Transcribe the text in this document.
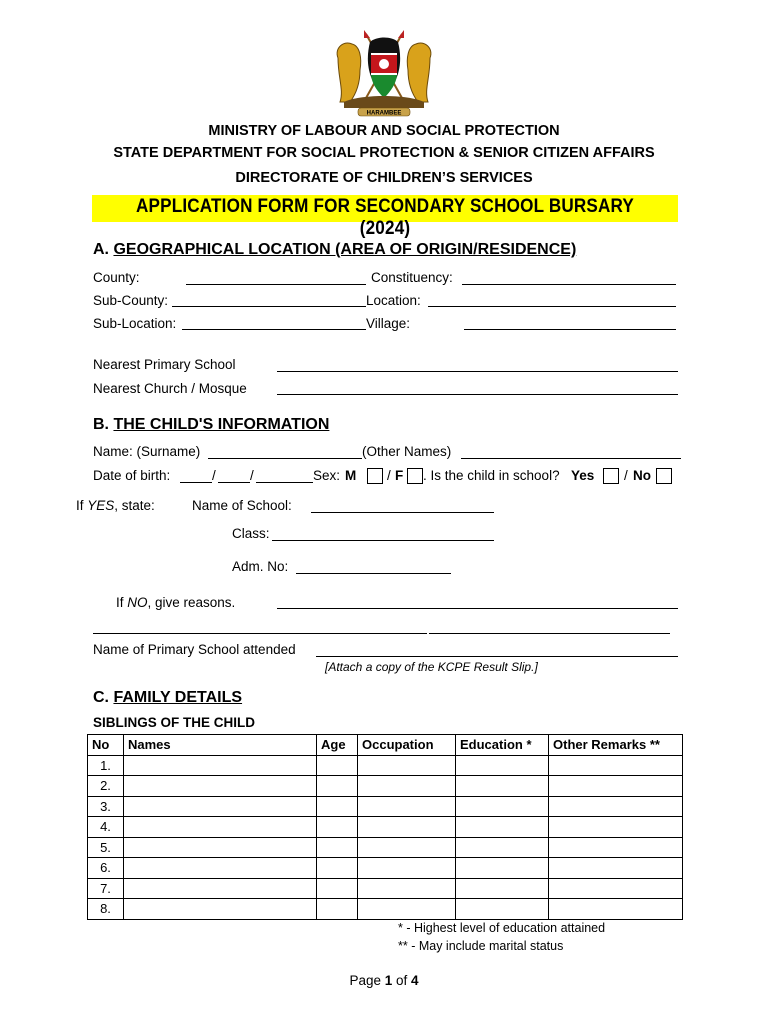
HARAMBEE
MINISTRY OF LABOUR AND SOCIAL PROTECTION
STATE DEPARTMENT FOR SOCIAL PROTECTION & SENIOR CITIZEN AFFAIRS
DIRECTORATE OF CHILDREN’S SERVICES
APPLICATION FORM FOR SECONDARY SCHOOL BURSARY (2024)
A. GEOGRAPHICAL LOCATION (AREA OF ORIGIN/RESIDENCE)
County:	Constituency:
Sub-County:	Location:
Sub-Location:	Village:
Nearest Primary School
Nearest Church / Mosque
B. THE CHILD'S INFORMATION
Name: (Surname)	(Other Names)
Date of birth:	/	/	Sex: M / F . Is the child in school? Yes / No
If YES, state:	Name of School:
Class:
Adm. No:
If NO, give reasons.
Name of Primary School attended
[Attach a copy of the KCPE Result Slip.]
C. FAMILY DETAILS
SIBLINGS OF THE CHILD
No	Names	Age	Occupation	Education *	Other Remarks **
1.					
2.					
3.					
4.					
5.					
6.					
7.					
8.					
* - Highest level of education attained
** - May include marital status
Page 1 of 4
